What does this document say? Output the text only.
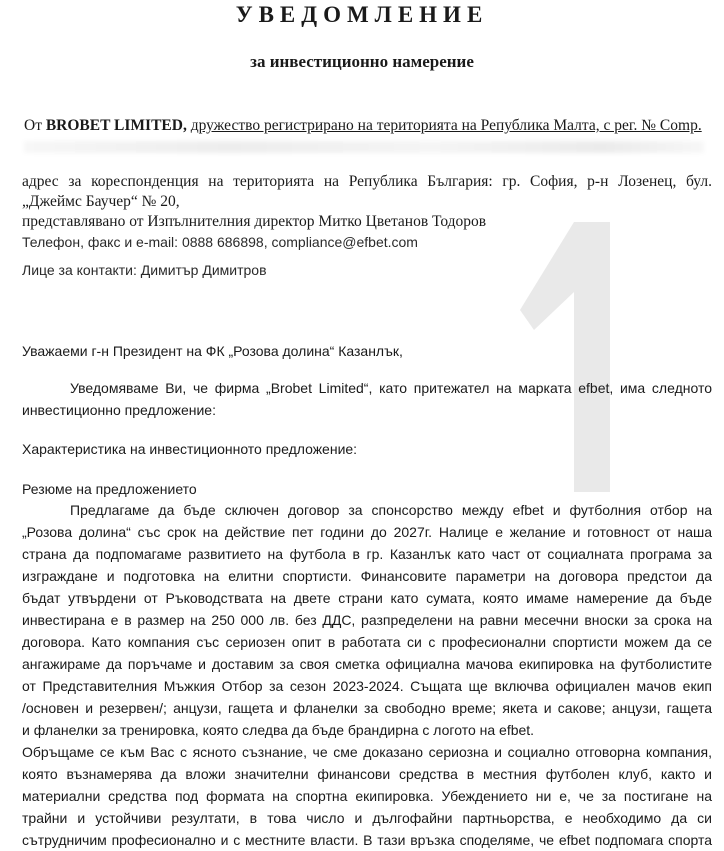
УВЕДОМЛЕНИЕ
за инвестиционно намерение
От BROBET LIMITED, дружество регистрирано на територията на Република Малта, с рег. № Comp.
адрес за кореспонденция на територията на Република България: гр. София, р-н Лозенец, бул.
„Джеймс Баучер“ № 20,
представлявано от Изпълнителния директор Митко Цветанов Тодоров
Телефон, факс и e-mail: 0888 686898, compliance@efbet.com
Лице за контакти: Димитър Димитров
Уважаеми г-н Президент на ФК „Розова долина“ Казанлък,
Уведомяваме Ви, че фирма „Brobet Limited“, като притежател на марката efbet, има следното
инвестиционно предложение:
Характеристика на инвестиционното предложение:
Резюме на предложението
Предлагаме да бъде сключен договор за спонсорство между efbet и футболния отбор на
„Розова долина“ със срок на действие пет години до 2027г. Налице е желание и готовност от наша
страна да подпомагаме развитието на футбола в гр. Казанлък като част от социалната програма за
изграждане и подготовка на елитни спортисти. Финансовите параметри на договора предстои да
бъдат утвърдени от Ръководствата на двете страни като сумата, която имаме намерение да бъде
инвестирана е в размер на 250 000 лв. без ДДС, разпределени на равни месечни вноски за срока на
договора. Като компания със сериозен опит в работата си с професионални спортисти можем да се
ангажираме да поръчаме и доставим за своя сметка официална мачова екипировка на футболистите
от Представителния Мъжкия Отбор за сезон 2023-2024. Същата ще включва официален мачов екип
/основен и резервен/; анцузи, гащета и фланелки за свободно време; якета и сакове; анцузи, гащета
и фланелки за тренировка, която следва да бъде брандирна с логото на efbet.
Обръщаме се към Вас с ясното съзнание, че сме доказано сериозна и социално отговорна компания,
която възнамерява да вложи значителни финансови средства в местния футболен клуб, както и
материални средства под формата на спортна екипировка. Убеждението ни е, че за постигане на
трайни и устойчиви резултати, в това число и дългофайни партньорства, е необходимо да си
сътрудничим професионално и с местните власти. В тази връзка споделяме, че efbet подпомага спорта
